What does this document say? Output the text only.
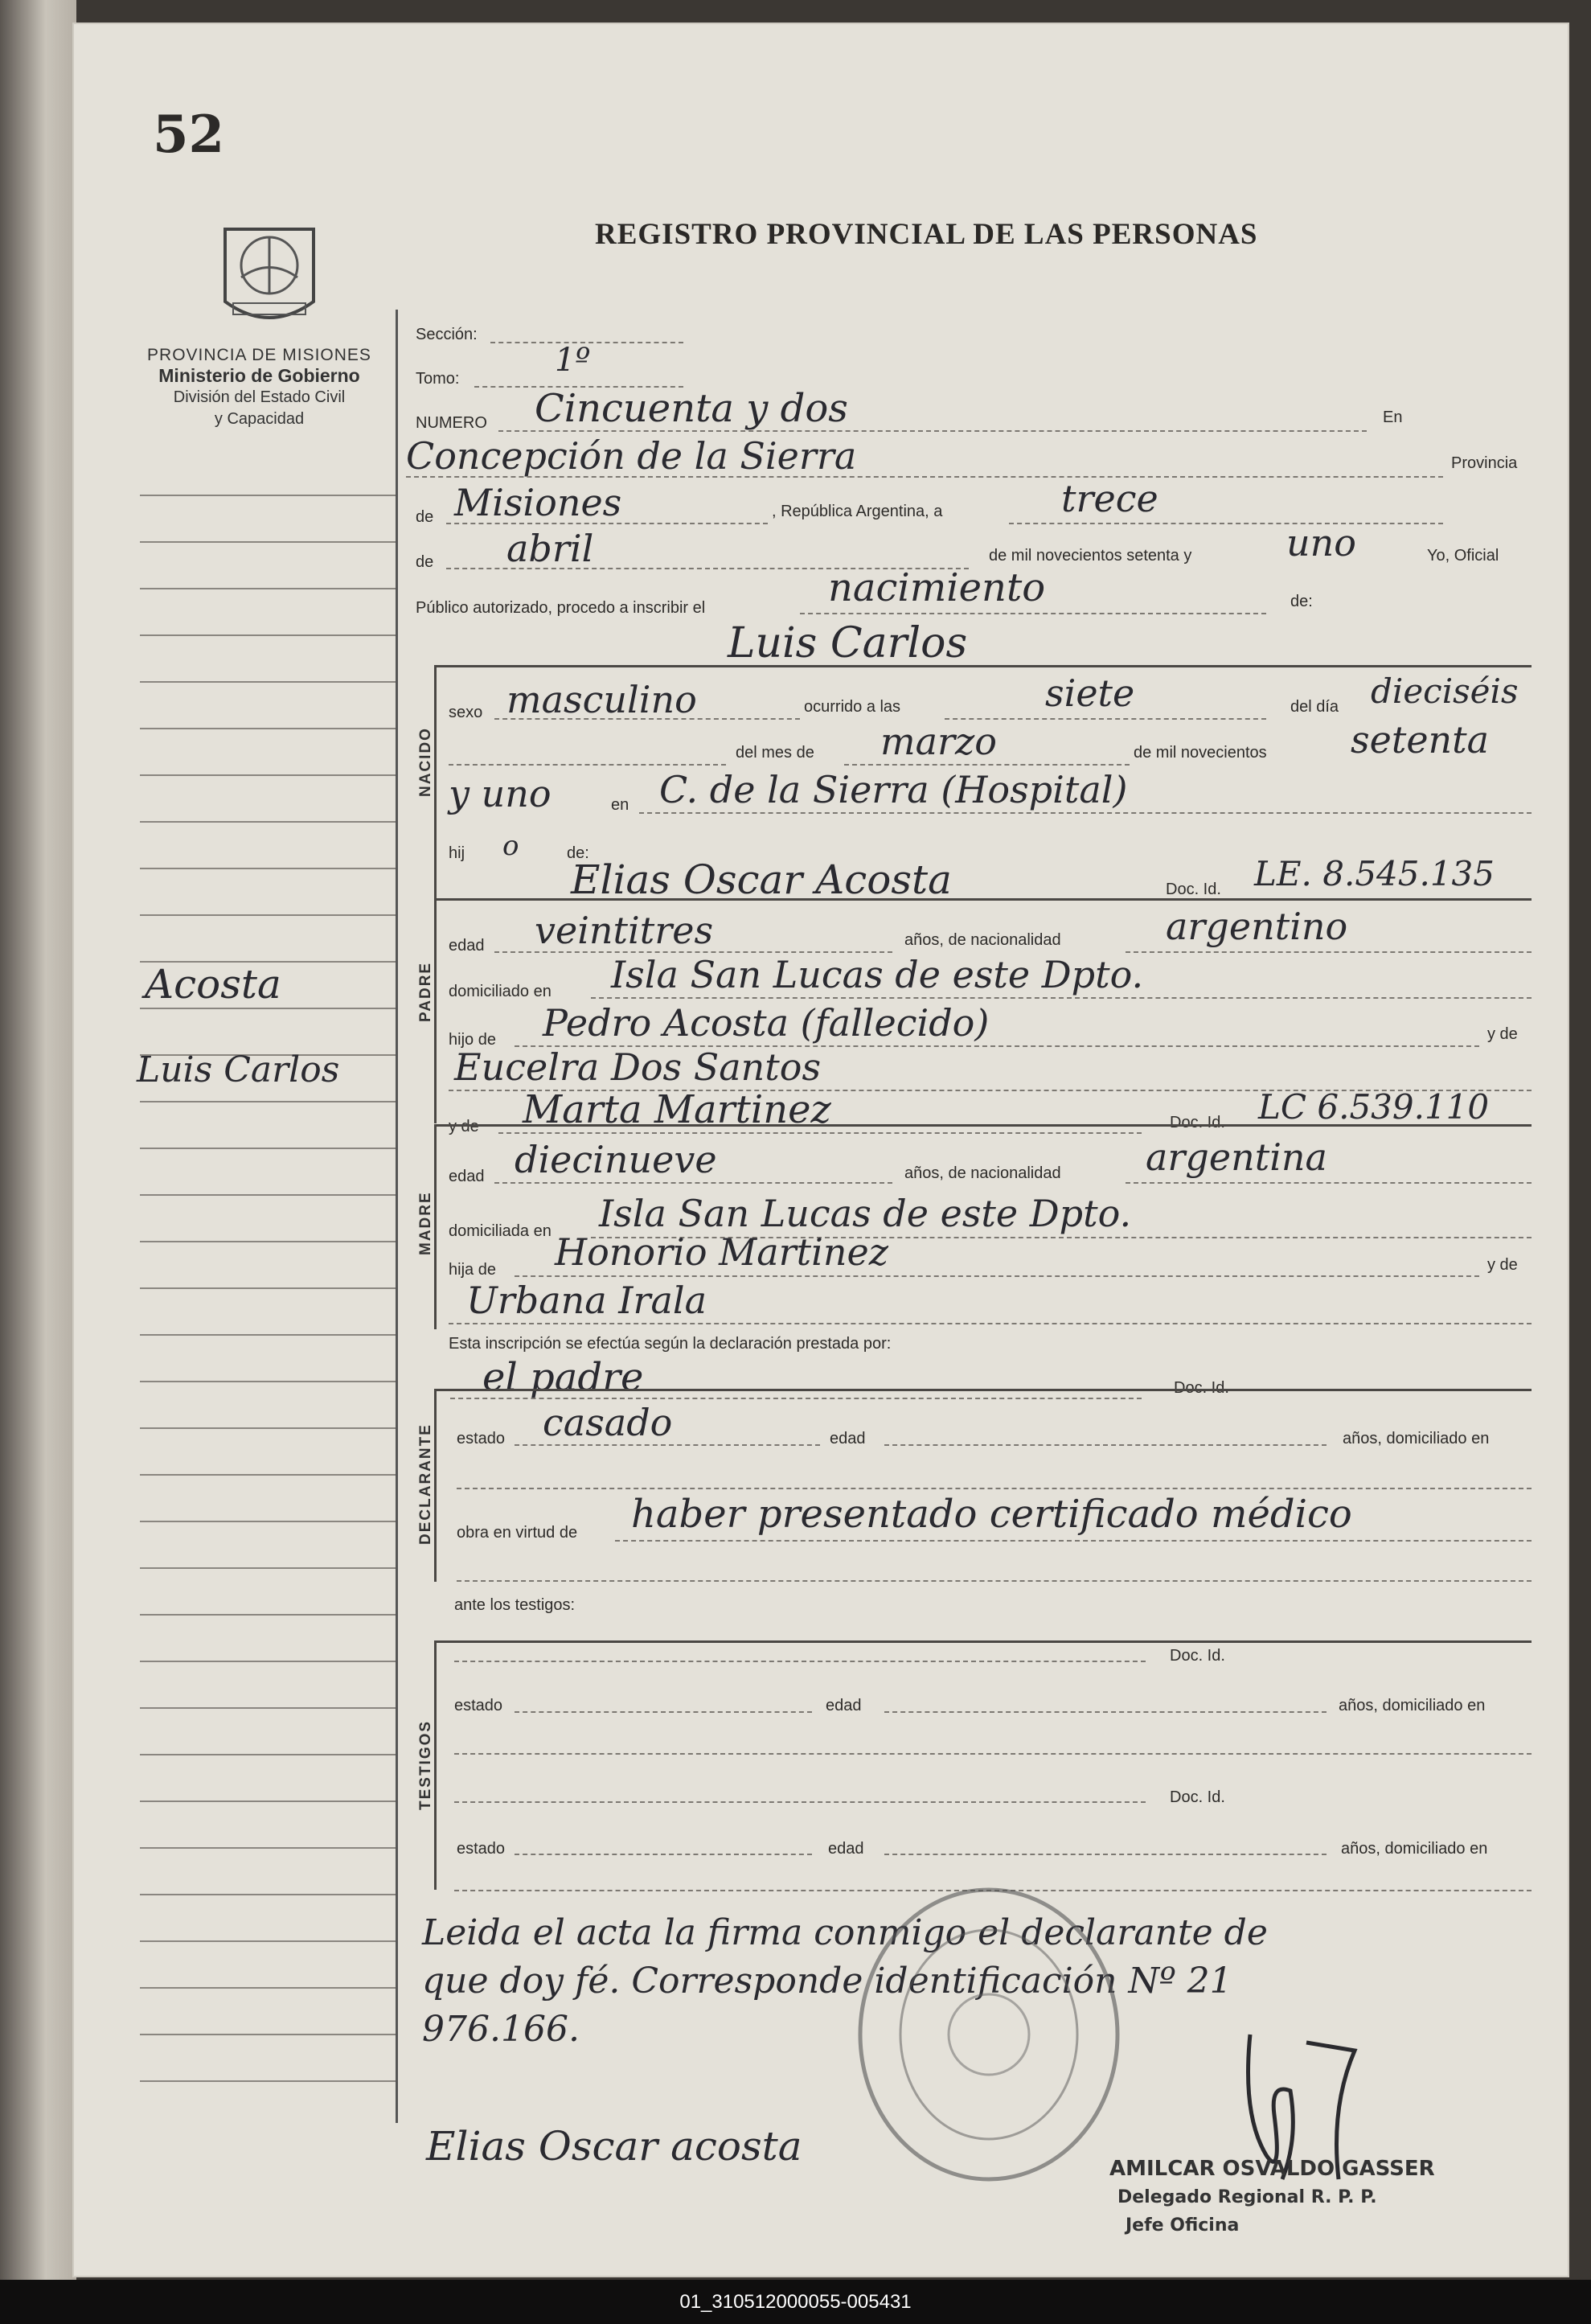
52
REGISTRO PROVINCIAL DE LAS PERSONAS
PROVINCIA DE MISIONES
Ministerio de Gobierno
División del Estado Civil
y Capacidad
Acosta
Luis Carlos
Sección:
Tomo:	1º
NUMERO Cincuenta y dos	En
Concepción de la Sierra	Provincia
de Misiones	, República Argentina, a	trece
de abril	de mil novecientos setenta y	uno	Yo, Oficial
Público autorizado, procedo a inscribir el	nacimiento	de:
Luis Carlos
NACIDO
sexo masculino	ocurrido a las	siete	del día dieciséis
del mes de marzo	de mil novecientos setenta
y uno	en C. de la Sierra (Hospital)
hij o	de:
Elias Oscar Acosta	Doc. Id. LE. 8.545.135
PADRE
edad veintitres	años, de nacionalidad	argentino
domiciliado en Isla San Lucas de este Dpto.
hijo de Pedro Acosta (fallecido)	y de
Eucelra Dos Santos
y de Marta Martinez	Doc. Id. LC 6.539.110
MADRE
edad diecinueve	años, de nacionalidad argentina
domiciliada en Isla San Lucas de este Dpto.
hija de Honorio Martinez	y de
Urbana Irala
Esta inscripción se efectúa según la declaración prestada por:
el padre	Doc. Id.
DECLARANTE estado casado	edad	años, domiciliado en
obra en virtud de haber presentado certificado médico
ante los testigos:
TESTIGOS
Doc. Id.
estado	edad	años, domiciliado en
Doc. Id.
estado	edad	años, domiciliado en
Leida el acta la firma conmigo el declarante de
que doy fé. Corresponde identificación Nº 21
976.166.
Elias Oscar acosta	AMILCAR OSVALDO GASSER
Delegado Regional R. P. P.
Jefe Oficina
01_310512000055-005431
